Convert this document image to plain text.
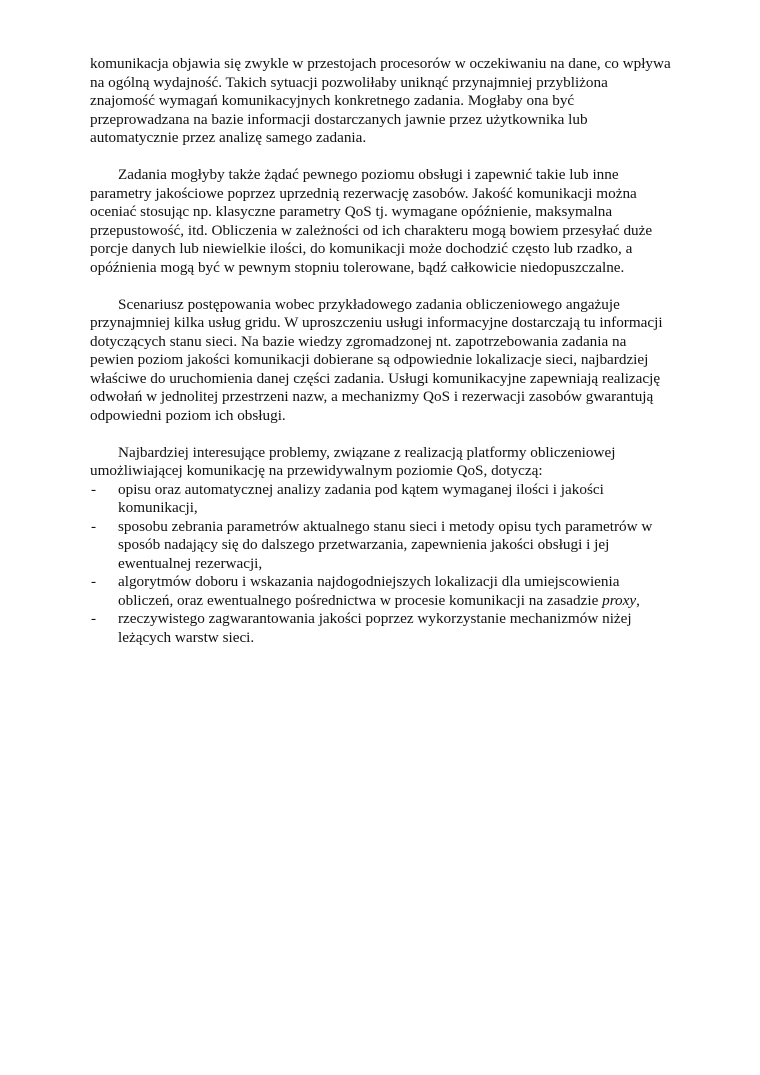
komunikacja objawia się zwykle w przestojach procesorów w oczekiwaniu na dane, co wpływa na ogólną wydajność. Takich sytuacji pozwoliłaby uniknąć przynajmniej przybliżona znajomość wymagań komunikacyjnych konkretnego zadania. Mogłaby ona być przeprowadzana na bazie informacji dostarczanych jawnie przez użytkownika lub automatycznie przez analizę samego zadania.

Zadania mogłyby także żądać pewnego poziomu obsługi i zapewnić takie lub inne parametry jakościowe poprzez uprzednią rezerwację zasobów. Jakość komunikacji można oceniać stosując np. klasyczne parametry QoS tj. wymagane opóźnienie, maksymalna przepustowość, itd. Obliczenia w zależności od ich charakteru mogą bowiem przesyłać duże porcje danych lub niewielkie ilości, do komunikacji może dochodzić często lub rzadko, a opóźnienia mogą być w pewnym stopniu tolerowane, bądź całkowicie niedopuszczalne.

Scenariusz postępowania wobec przykładowego zadania obliczeniowego angażuje przynajmniej kilka usług gridu. W uproszczeniu usługi informacyjne dostarczają tu informacji dotyczących stanu sieci. Na bazie wiedzy zgromadzonej nt. zapotrzebowania zadania na pewien poziom jakości komunikacji dobierane są odpowiednie lokalizacje sieci, najbardziej właściwe do uruchomienia danej części zadania. Usługi komunikacyjne zapewniają realizację odwołań w jednolitej przestrzeni nazw, a mechanizmy QoS i rezerwacji zasobów gwarantują odpowiedni poziom ich obsługi.

Najbardziej interesujące problemy, związane z realizacją platformy obliczeniowej umożliwiającej komunikację na przewidywalnym poziomie QoS, dotyczą:

- opisu oraz automatycznej analizy zadania pod kątem wymaganej ilości i jakości komunikacji,
- sposobu zebrania parametrów aktualnego stanu sieci i metody opisu tych parametrów w sposób nadający się do dalszego przetwarzania, zapewnienia jakości obsługi i jej ewentualnej rezerwacji,
- algorytmów doboru i wskazania najdogodniejszych lokalizacji dla umiejscowienia obliczeń, oraz ewentualnego pośrednictwa w procesie komunikacji na zasadzie proxy,
- rzeczywistego zagwarantowania jakości poprzez wykorzystanie mechanizmów niżej leżących warstw sieci.
